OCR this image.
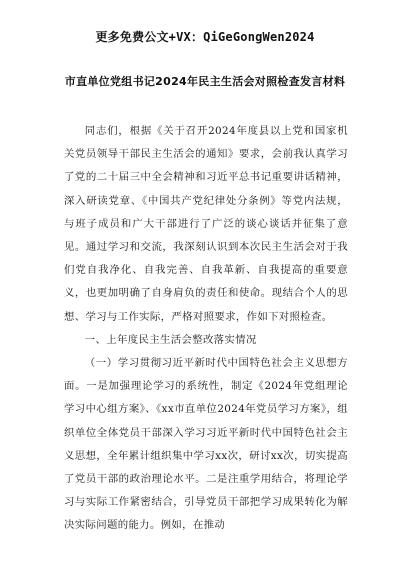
更多免费公文+VX：QiGeGongWen2024
市直单位党组书记2024年民主生活会对照检查发言材料

同志们，根据《关于召开2024年度县以上党和国家机关党员领导干部民主生活会的通知》要求，会前我认真学习了党的二十届三中全会精神和习近平总书记重要讲话精神，深入研读党章、《中国共产党纪律处分条例》等党内法规，与班子成员和广大干部进行了广泛的谈心谈话并征集了意见。通过学习和交流，我深刻认识到本次民主生活会对于我们党自我净化、自我完善、自我革新、自我提高的重要意义，也更加明确了自身肩负的责任和使命。现结合个人的思想、学习与工作实际，严格对照要求，作如下对照检查。

一、上年度民主生活会整改落实情况

（一）学习贯彻习近平新时代中国特色社会主义思想方面。一是加强理论学习的系统性，制定《2024年党组理论学习中心组方案》、《xx市直单位2024年党员学习方案》，组织单位全体党员干部深入学习习近平新时代中国特色社会主义思想，全年累计组织集中学习xx次，研讨xx次，切实提高了党员干部的政治理论水平。二是注重学用结合，将理论学习与实际工作紧密结合，引导党员干部把学习成果转化为解决实际问题的能力。例如，在推动
